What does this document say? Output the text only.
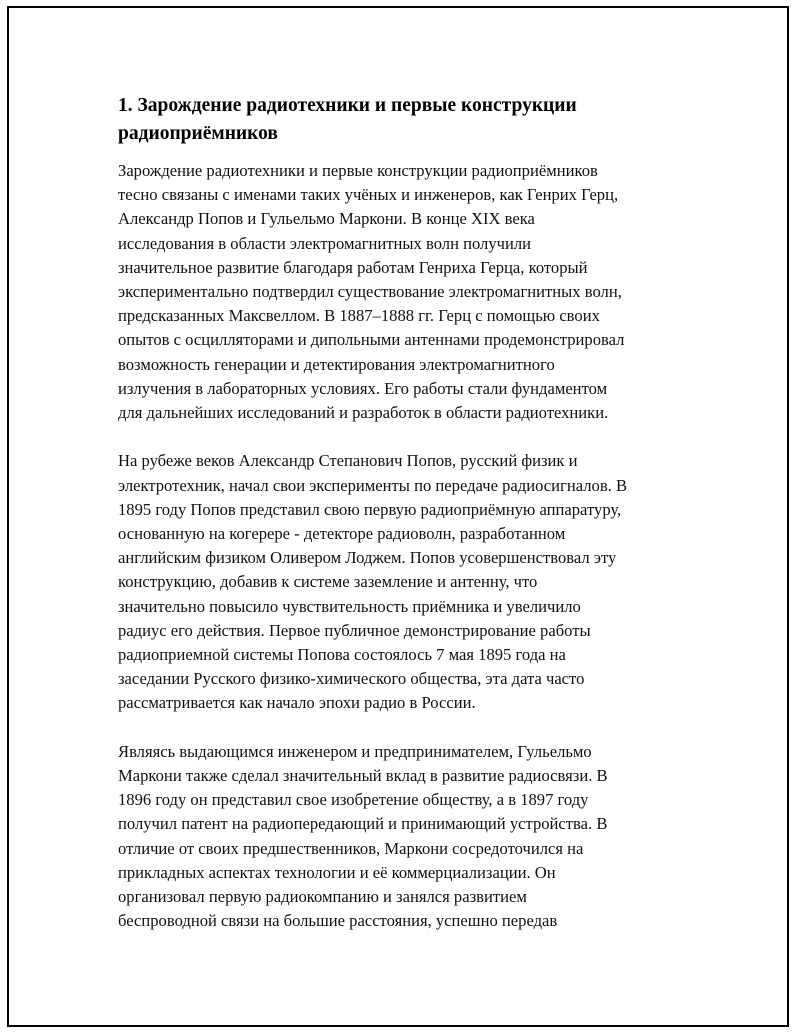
1. Зарождение радиотехники и первые конструкции
радиоприёмников

Зарождение радиотехники и первые конструкции радиоприёмников
тесно связаны с именами таких учёных и инженеров, как Генрих Герц,
Александр Попов и Гульельмо Маркони. В конце XIX века
исследования в области электромагнитных волн получили
значительное развитие благодаря работам Генриха Герца, который
экспериментально подтвердил существование электромагнитных волн,
предсказанных Максвеллом. В 1887–1888 гг. Герц с помощью своих
опытов с осцилляторами и дипольными антеннами продемонстрировал
возможность генерации и детектирования электромагнитного
излучения в лабораторных условиях. Его работы стали фундаментом
для дальнейших исследований и разработок в области радиотехники.

На рубеже веков Александр Степанович Попов, русский физик и
электротехник, начал свои эксперименты по передаче радиосигналов. В
1895 году Попов представил свою первую радиоприёмную аппаратуру,
основанную на когерере - детекторе радиоволн, разработанном
английским физиком Оливером Лоджем. Попов усовершенствовал эту
конструкцию, добавив к системе заземление и антенну, что
значительно повысило чувствительность приёмника и увеличило
радиус его действия. Первое публичное демонстрирование работы
радиоприемной системы Попова состоялось 7 мая 1895 года на
заседании Русского физико-химического общества, эта дата часто
рассматривается как начало эпохи радио в России.

Являясь выдающимся инженером и предпринимателем, Гульельмо
Маркони также сделал значительный вклад в развитие радиосвязи. В
1896 году он представил свое изобретение обществу, а в 1897 году
получил патент на радиопередающий и принимающий устройства. В
отличие от своих предшественников, Маркони сосредоточился на
прикладных аспектах технологии и её коммерциализации. Он
организовал первую радиокомпанию и занялся развитием
беспроводной связи на большие расстояния, успешно передав
